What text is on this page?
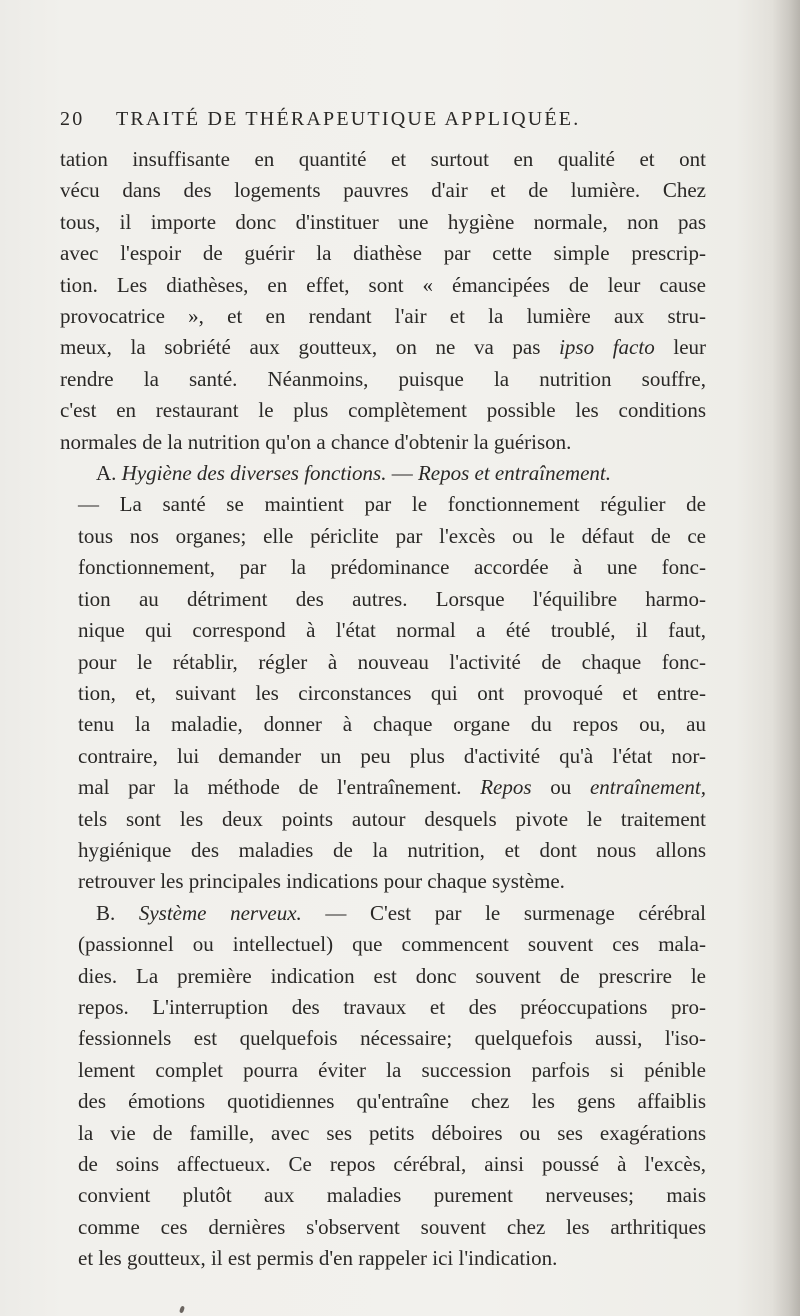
20 TRAITÉ DE THÉRAPEUTIQUE APPLIQUÉE.

tation insuffisante en quantité et surtout en qualité et ont
vécu dans des logements pauvres d'air et de lumière. Chez
tous, il importe donc d'instituer une hygiène normale, non pas
avec l'espoir de guérir la diathèse par cette simple prescrip-
tion. Les diathèses, en effet, sont « émancipées de leur cause
provocatrice », et en rendant l'air et la lumière aux stru-
meux, la sobriété aux goutteux, on ne va pas ipso facto leur
rendre la santé. Néanmoins, puisque la nutrition souffre,
c'est en restaurant le plus complètement possible les conditions
normales de la nutrition qu'on a chance d'obtenir la guérison.

A. Hygiène des diverses fonctions. — Repos et entraînement.
— La santé se maintient par le fonctionnement régulier de
tous nos organes; elle périclite par l'excès ou le défaut de ce
fonctionnement, par la prédominance accordée à une fonc-
tion au détriment des autres. Lorsque l'équilibre harmo-
nique qui correspond à l'état normal a été troublé, il faut,
pour le rétablir, régler à nouveau l'activité de chaque fonc-
tion, et, suivant les circonstances qui ont provoqué et entre-
tenu la maladie, donner à chaque organe du repos ou, au
contraire, lui demander un peu plus d'activité qu'à l'état nor-
mal par la méthode de l'entraînement. Repos ou entraînement,
tels sont les deux points autour desquels pivote le traitement
hygiénique des maladies de la nutrition, et dont nous allons
retrouver les principales indications pour chaque système.

B. Système nerveux. — C'est par le surmenage cérébral
(passionnel ou intellectuel) que commencent souvent ces mala-
dies. La première indication est donc souvent de prescrire le
repos. L'interruption des travaux et des préoccupations pro-
fessionnels est quelquefois nécessaire; quelquefois aussi, l'iso-
lement complet pourra éviter la succession parfois si pénible
des émotions quotidiennes qu'entraîne chez les gens affaiblis
la vie de famille, avec ses petits déboires ou ses exagérations
de soins affectueux. Ce repos cérébral, ainsi poussé à l'excès,
convient plutôt aux maladies purement nerveuses; mais
comme ces dernières s'observent souvent chez les arthritiques
et les goutteux, il est permis d'en rappeler ici l'indication.
